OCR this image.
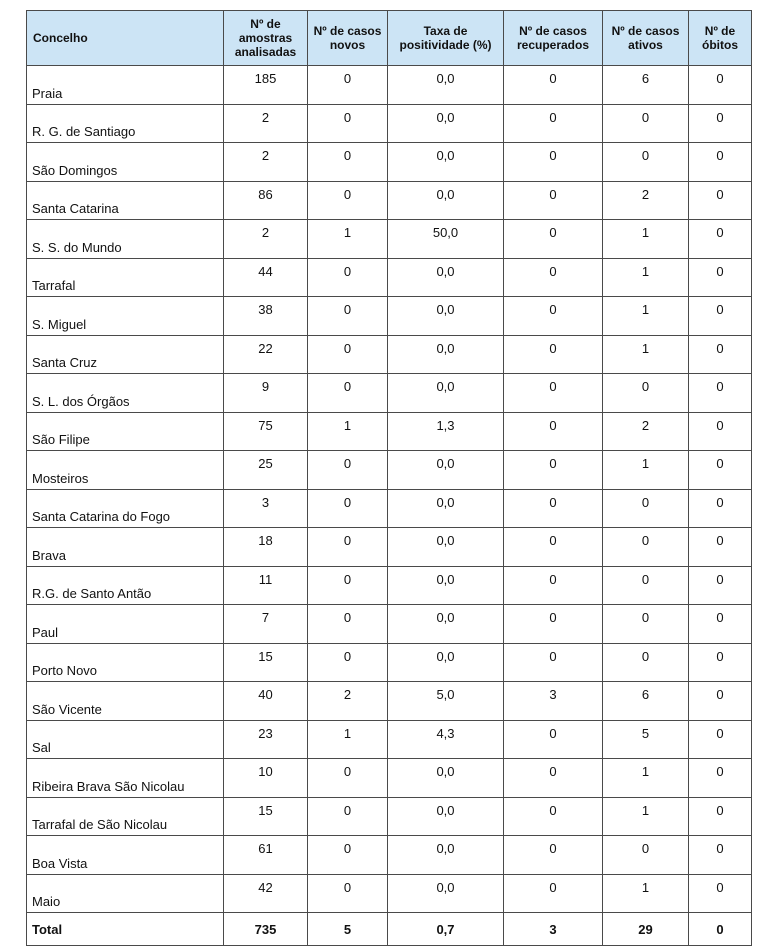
Concelho	Nº de amostras analisadas	Nº de casos novos	Taxa de positividade (%)	Nº de casos recuperados	Nº de casos ativos	Nº de óbitos
Praia	185	0	0,0	0	6	0
R. G. de Santiago	2	0	0,0	0	0	0
São Domingos	2	0	0,0	0	0	0
Santa Catarina	86	0	0,0	0	2	0
S. S. do Mundo	2	1	50,0	0	1	0
Tarrafal	44	0	0,0	0	1	0
S. Miguel	38	0	0,0	0	1	0
Santa Cruz	22	0	0,0	0	1	0
S. L. dos Órgãos	9	0	0,0	0	0	0
São Filipe	75	1	1,3	0	2	0
Mosteiros	25	0	0,0	0	1	0
Santa Catarina do Fogo	3	0	0,0	0	0	0
Brava	18	0	0,0	0	0	0
R.G. de Santo Antão	11	0	0,0	0	0	0
Paul	7	0	0,0	0	0	0
Porto Novo	15	0	0,0	0	0	0
São Vicente	40	2	5,0	3	6	0
Sal	23	1	4,3	0	5	0
Ribeira Brava São Nicolau	10	0	0,0	0	1	0
Tarrafal de São Nicolau	15	0	0,0	0	1	0
Boa Vista	61	0	0,0	0	0	0
Maio	42	0	0,0	0	1	0
Total	735	5	0,7	3	29	0
